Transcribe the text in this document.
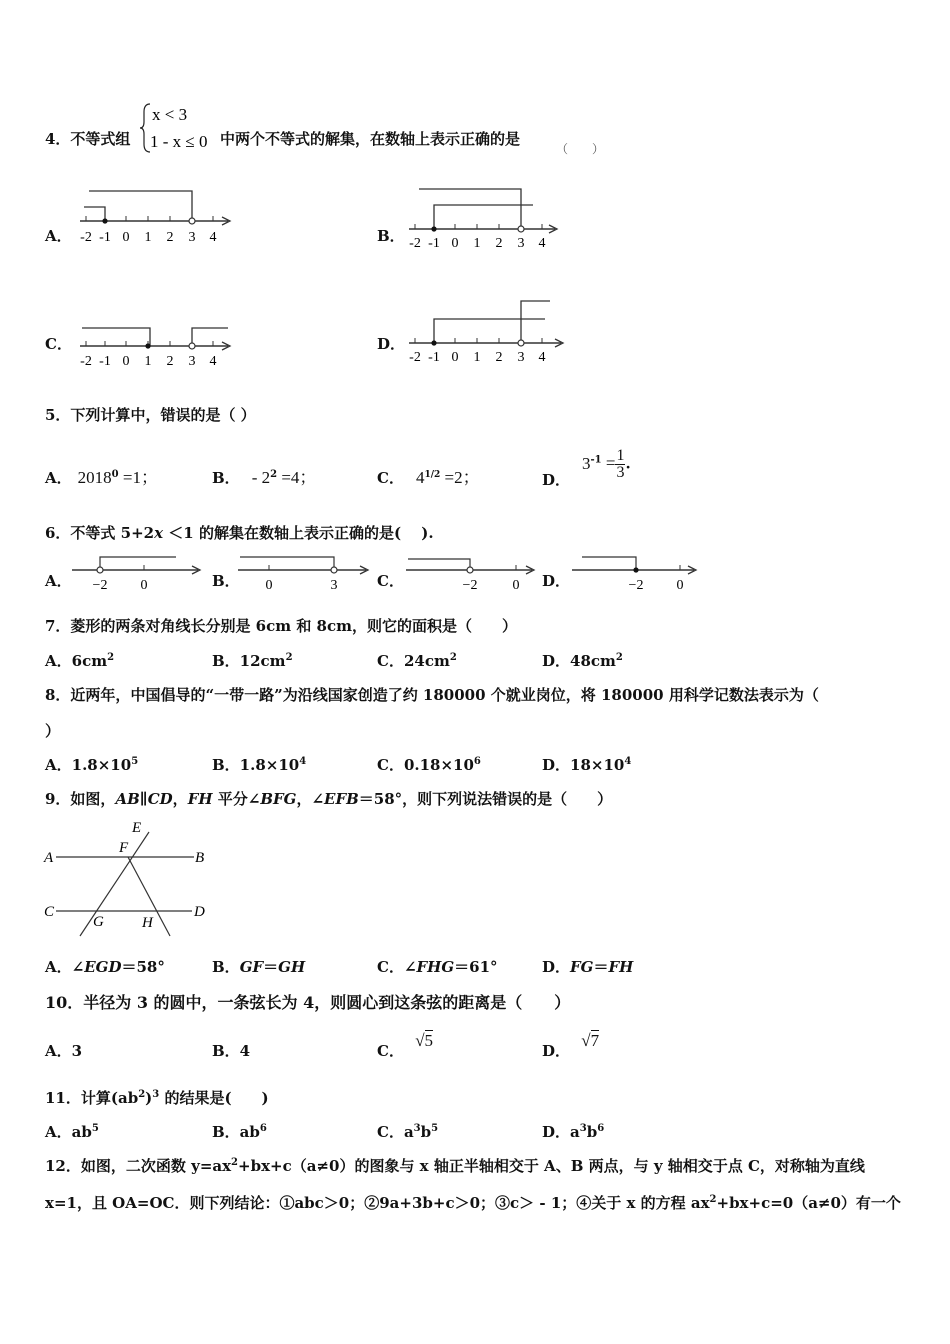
4．不等式组
x < 3
1 - x ≤ 0 中两个不等式的解集，在数轴上表示正确的是
（　　）
A． -2 -1 0 1 2 3 4	B． -2 -1 0 1 2 3 4
C．
-2 -1 0 1 2 3 4
D．
-2 -1 0 1 2 3 4
5．下列计算中，错误的是（ ）
A． $2018^0 =1$；	B． - $2^2 =4$；	C． $4^{1/2} =2$；	D．$3^{-1} = \frac{1}{3}$ .
6．不等式 5+2x ＜1 的解集在数轴上表示正确的是(　 ).
A． −2 0	B． 0	3	C．	−2	0 D．	−2 0
7．菱形的两条对角线长分别是 6cm 和 8cm，则它的面积是（　　）
A．$6cm^2$	B．$12cm^2$	C．$24cm^2$	D．$48cm^2$
8．近两年，中国倡导的“一带一路”为沿线国家创造了约 180000 个就业岗位，将 180000 用科学记数法表示为（
）
A．$1.8\times 10^5$	B．$1.8\times 10^4$	C．$0.18\times 10^6$	D．$18\times 10^4$
9．如图，AB∥CD，FH 平分∠BFG，∠EFB＝58°，则下列说法错误的是（　　）
A	B
C	D
E
F
G	H
A．∠EGD＝58°	B．GF＝GH	C．∠FHG＝61°	D．FG＝FH
10．半径为 3 的圆中，一条弦长为 4，则圆心到这条弦的距离是（　　）
A．3	B．4	C． √5
D． √7
11．计算$(ab^2)^3$ 的结果是(　　)
A．$ab^5$	B．$ab^6$	C．$a^3b^5$	D．$a^3b^6$
12．如图，二次函数 $y=ax^2+bx+c(a\ne 0)$的图象与 x 轴正半轴相交于 A、B 两点，与 y 轴相交于点 C，对称轴为直线
x=1，且 OA=OC．则下列结论：①abc＞0；②9a+3b+c＞0；③c＞ - 1；④关于 x 的方程 $ax^2+bx+c=0(a\ne 0)$有一个
